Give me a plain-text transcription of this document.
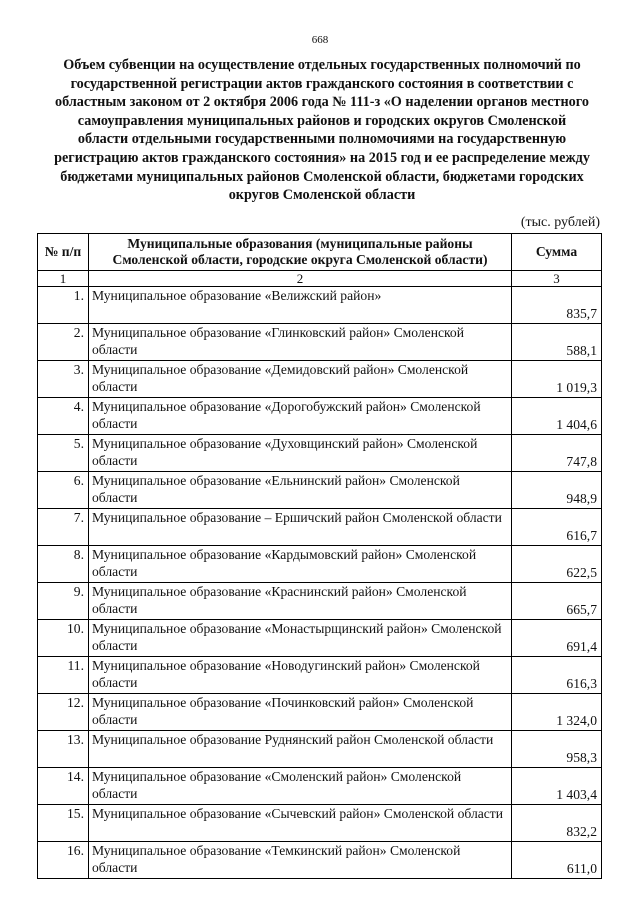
668
Объем субвенции на осуществление отдельных государственных полномочий по государственной регистрации актов гражданского состояния в соответствии с областным законом от 2 октября 2006 года № 111-з «О наделении органов местного самоуправления муниципальных районов и городских округов Смоленской области отдельными государственными полномочиями на государственную регистрацию актов гражданского состояния» на 2015 год и ее распределение между бюджетами муниципальных районов Смоленской области, бюджетами городских округов Смоленской области
(тыс. рублей)
№ п/п	Муниципальные образования (муниципальные районы Смоленской области, городские округа Смоленской области)	Сумма
1	2	3
1.	Муниципальное образование «Велижский район»	835,7
2.	Муниципальное образование «Глинковский район» Смоленской области	588,1
3.	Муниципальное образование «Демидовский район» Смоленской области	1 019,3
4.	Муниципальное образование «Дорогобужский район» Смоленской области	1 404,6
5.	Муниципальное образование «Духовщинский район» Смоленской области	747,8
6.	Муниципальное образование «Ельнинский район» Смоленской области	948,9
7.	Муниципальное образование – Ершичский район Смоленской области	616,7
8.	Муниципальное образование «Кардымовский район» Смоленской области	622,5
9.	Муниципальное образование «Краснинский район» Смоленской области	665,7
10.	Муниципальное образование «Монастырщинский район» Смоленской области	691,4
11.	Муниципальное образование «Новодугинский район» Смоленской области	616,3
12.	Муниципальное образование «Починковский район» Смоленской области	1 324,0
13.	Муниципальное образование Руднянский район Смоленской области	958,3
14.	Муниципальное образование «Смоленский район» Смоленской области	1 403,4
15.	Муниципальное образование «Сычевский район» Смоленской области	832,2
16.	Муниципальное образование «Темкинский район» Смоленской области	611,0
